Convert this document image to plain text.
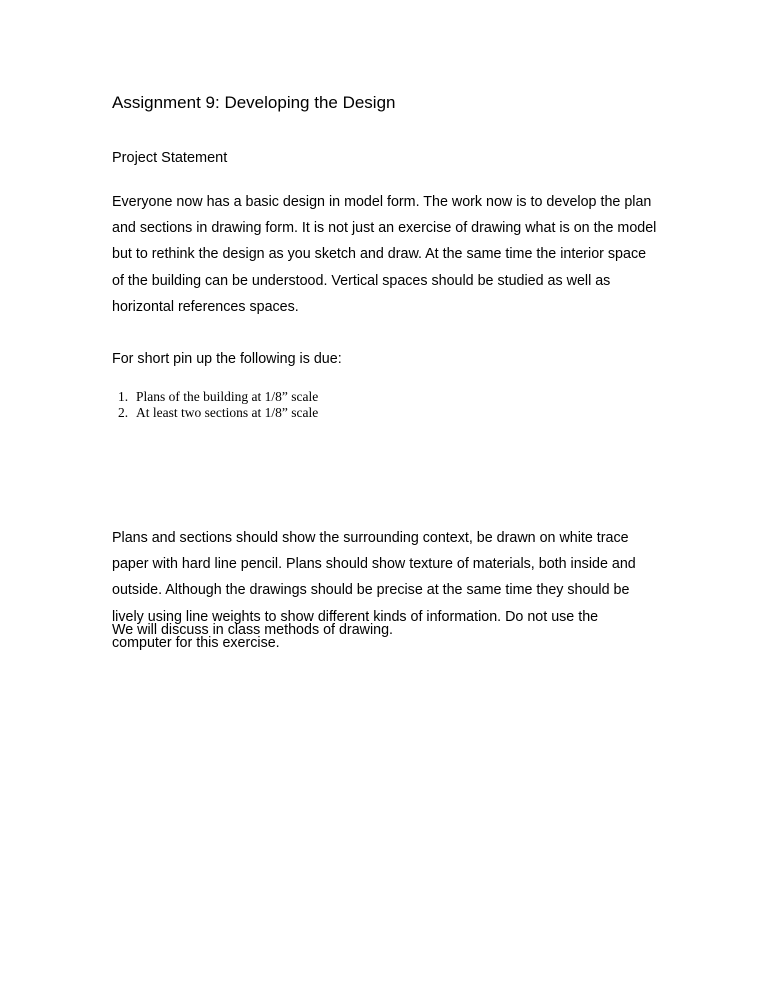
Assignment 9: Developing the Design
Project Statement

Everyone now has a basic design in model form. The work now is to develop the plan and sections in drawing form. It is not just an exercise of drawing what is on the model but to rethink the design as you sketch and draw. At the same time the interior space of the building can be understood. Vertical spaces should be studied as well as horizontal references spaces.

For short pin up the following is due:

1. Plans of the building at 1/8” scale
2. At least two sections at 1/8” scale

Plans and sections should show the surrounding context, be drawn on white trace paper with hard line pencil. Plans should show texture of materials, both inside and outside. Although the drawings should be precise at the same time they should be lively using line weights to show different kinds of information. Do not use the computer for this exercise.

We will discuss in class methods of drawing.
